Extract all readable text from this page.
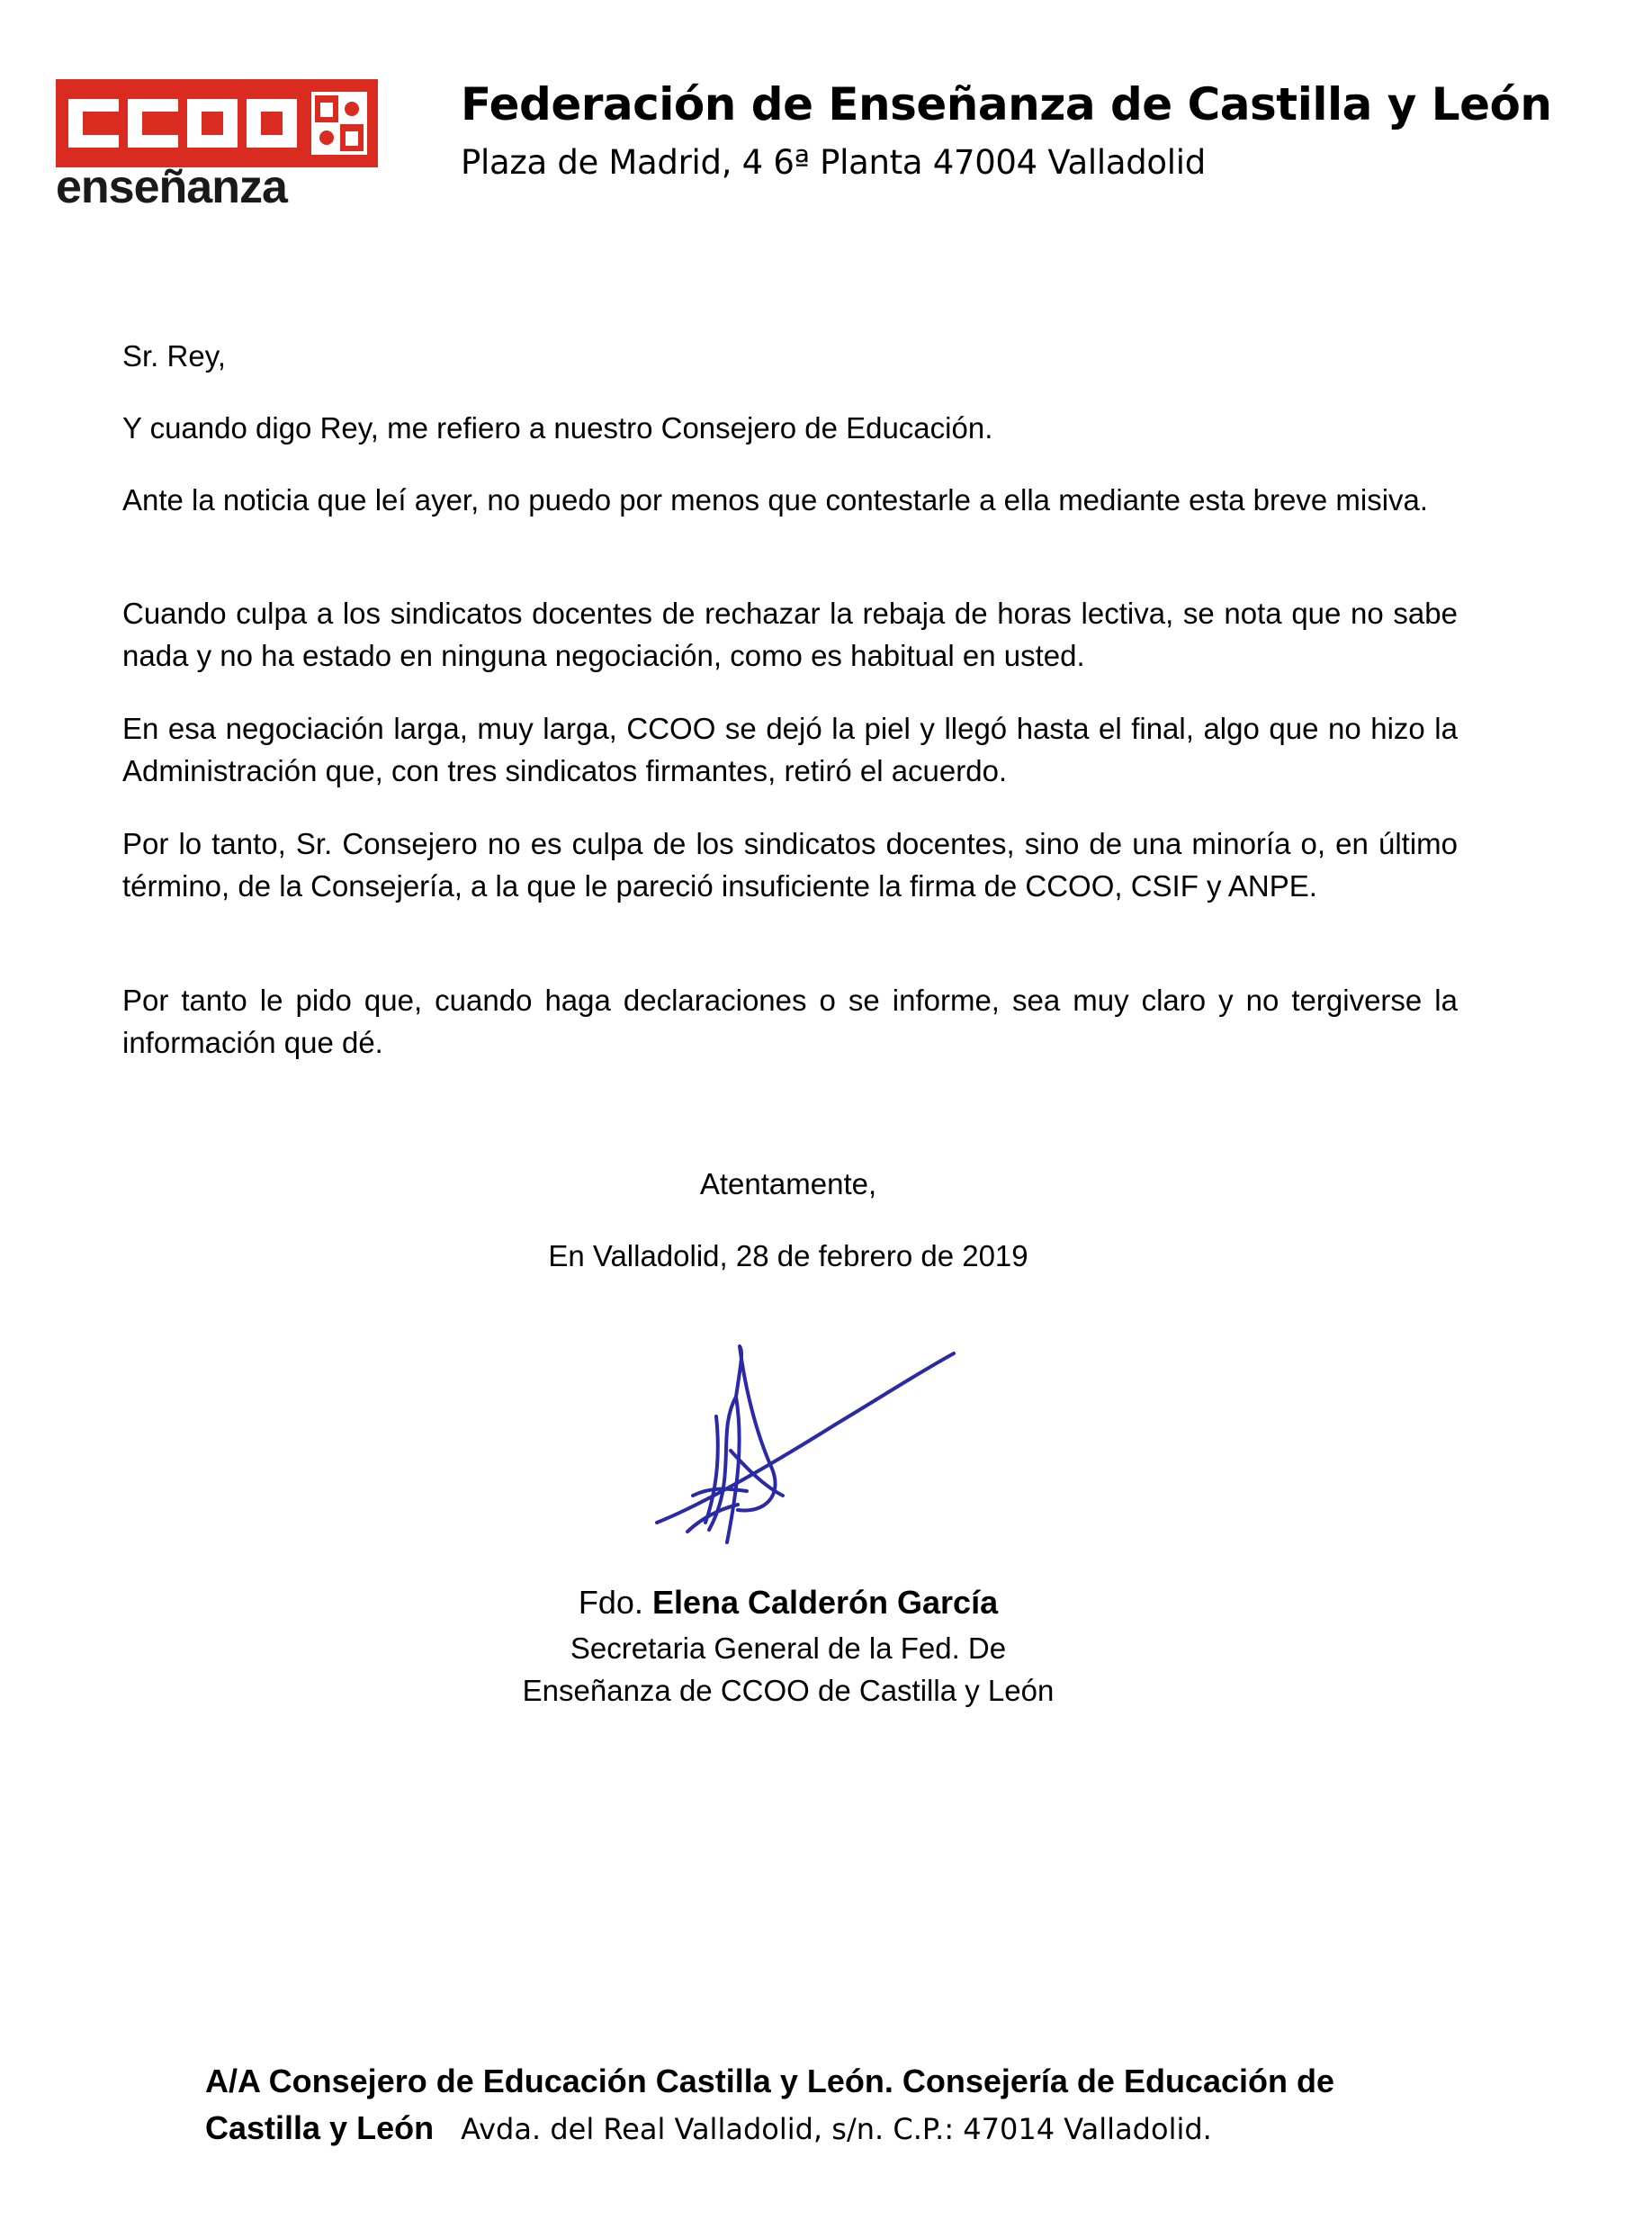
enseñanza
Federación de Enseñanza de Castilla y León
Plaza de Madrid, 4 6ª Planta 47004 Valladolid
Sr. Rey,
Y cuando digo Rey, me refiero a nuestro Consejero de Educación.
Ante la noticia que leí ayer, no puedo por menos que contestarle a ella mediante esta breve misiva.
Cuando culpa a los sindicatos docentes de rechazar la rebaja de horas lectiva, se nota que no sabe nada y no ha estado en ninguna negociación, como es habitual en usted.
En esa negociación larga, muy larga, CCOO se dejó la piel y llegó hasta el final, algo que no hizo la Administración que, con tres sindicatos firmantes, retiró el acuerdo.
Por lo tanto, Sr. Consejero no es culpa de los sindicatos docentes, sino de una minoría o, en último término, de la Consejería, a la que le pareció insuficiente la firma de CCOO, CSIF y ANPE.
Por tanto le pido que, cuando haga declaraciones o se informe, sea muy claro y no tergiverse la información que dé.
Atentamente,
En Valladolid, 28 de febrero de 2019
Fdo. Elena Calderón García
Secretaria General de la Fed. De
Enseñanza de CCOO de Castilla y León
A/A Consejero de Educación Castilla y León. Consejería de Educación de
Castilla y León Avda. del Real Valladolid, s/n. C.P.: 47014 Valladolid.
